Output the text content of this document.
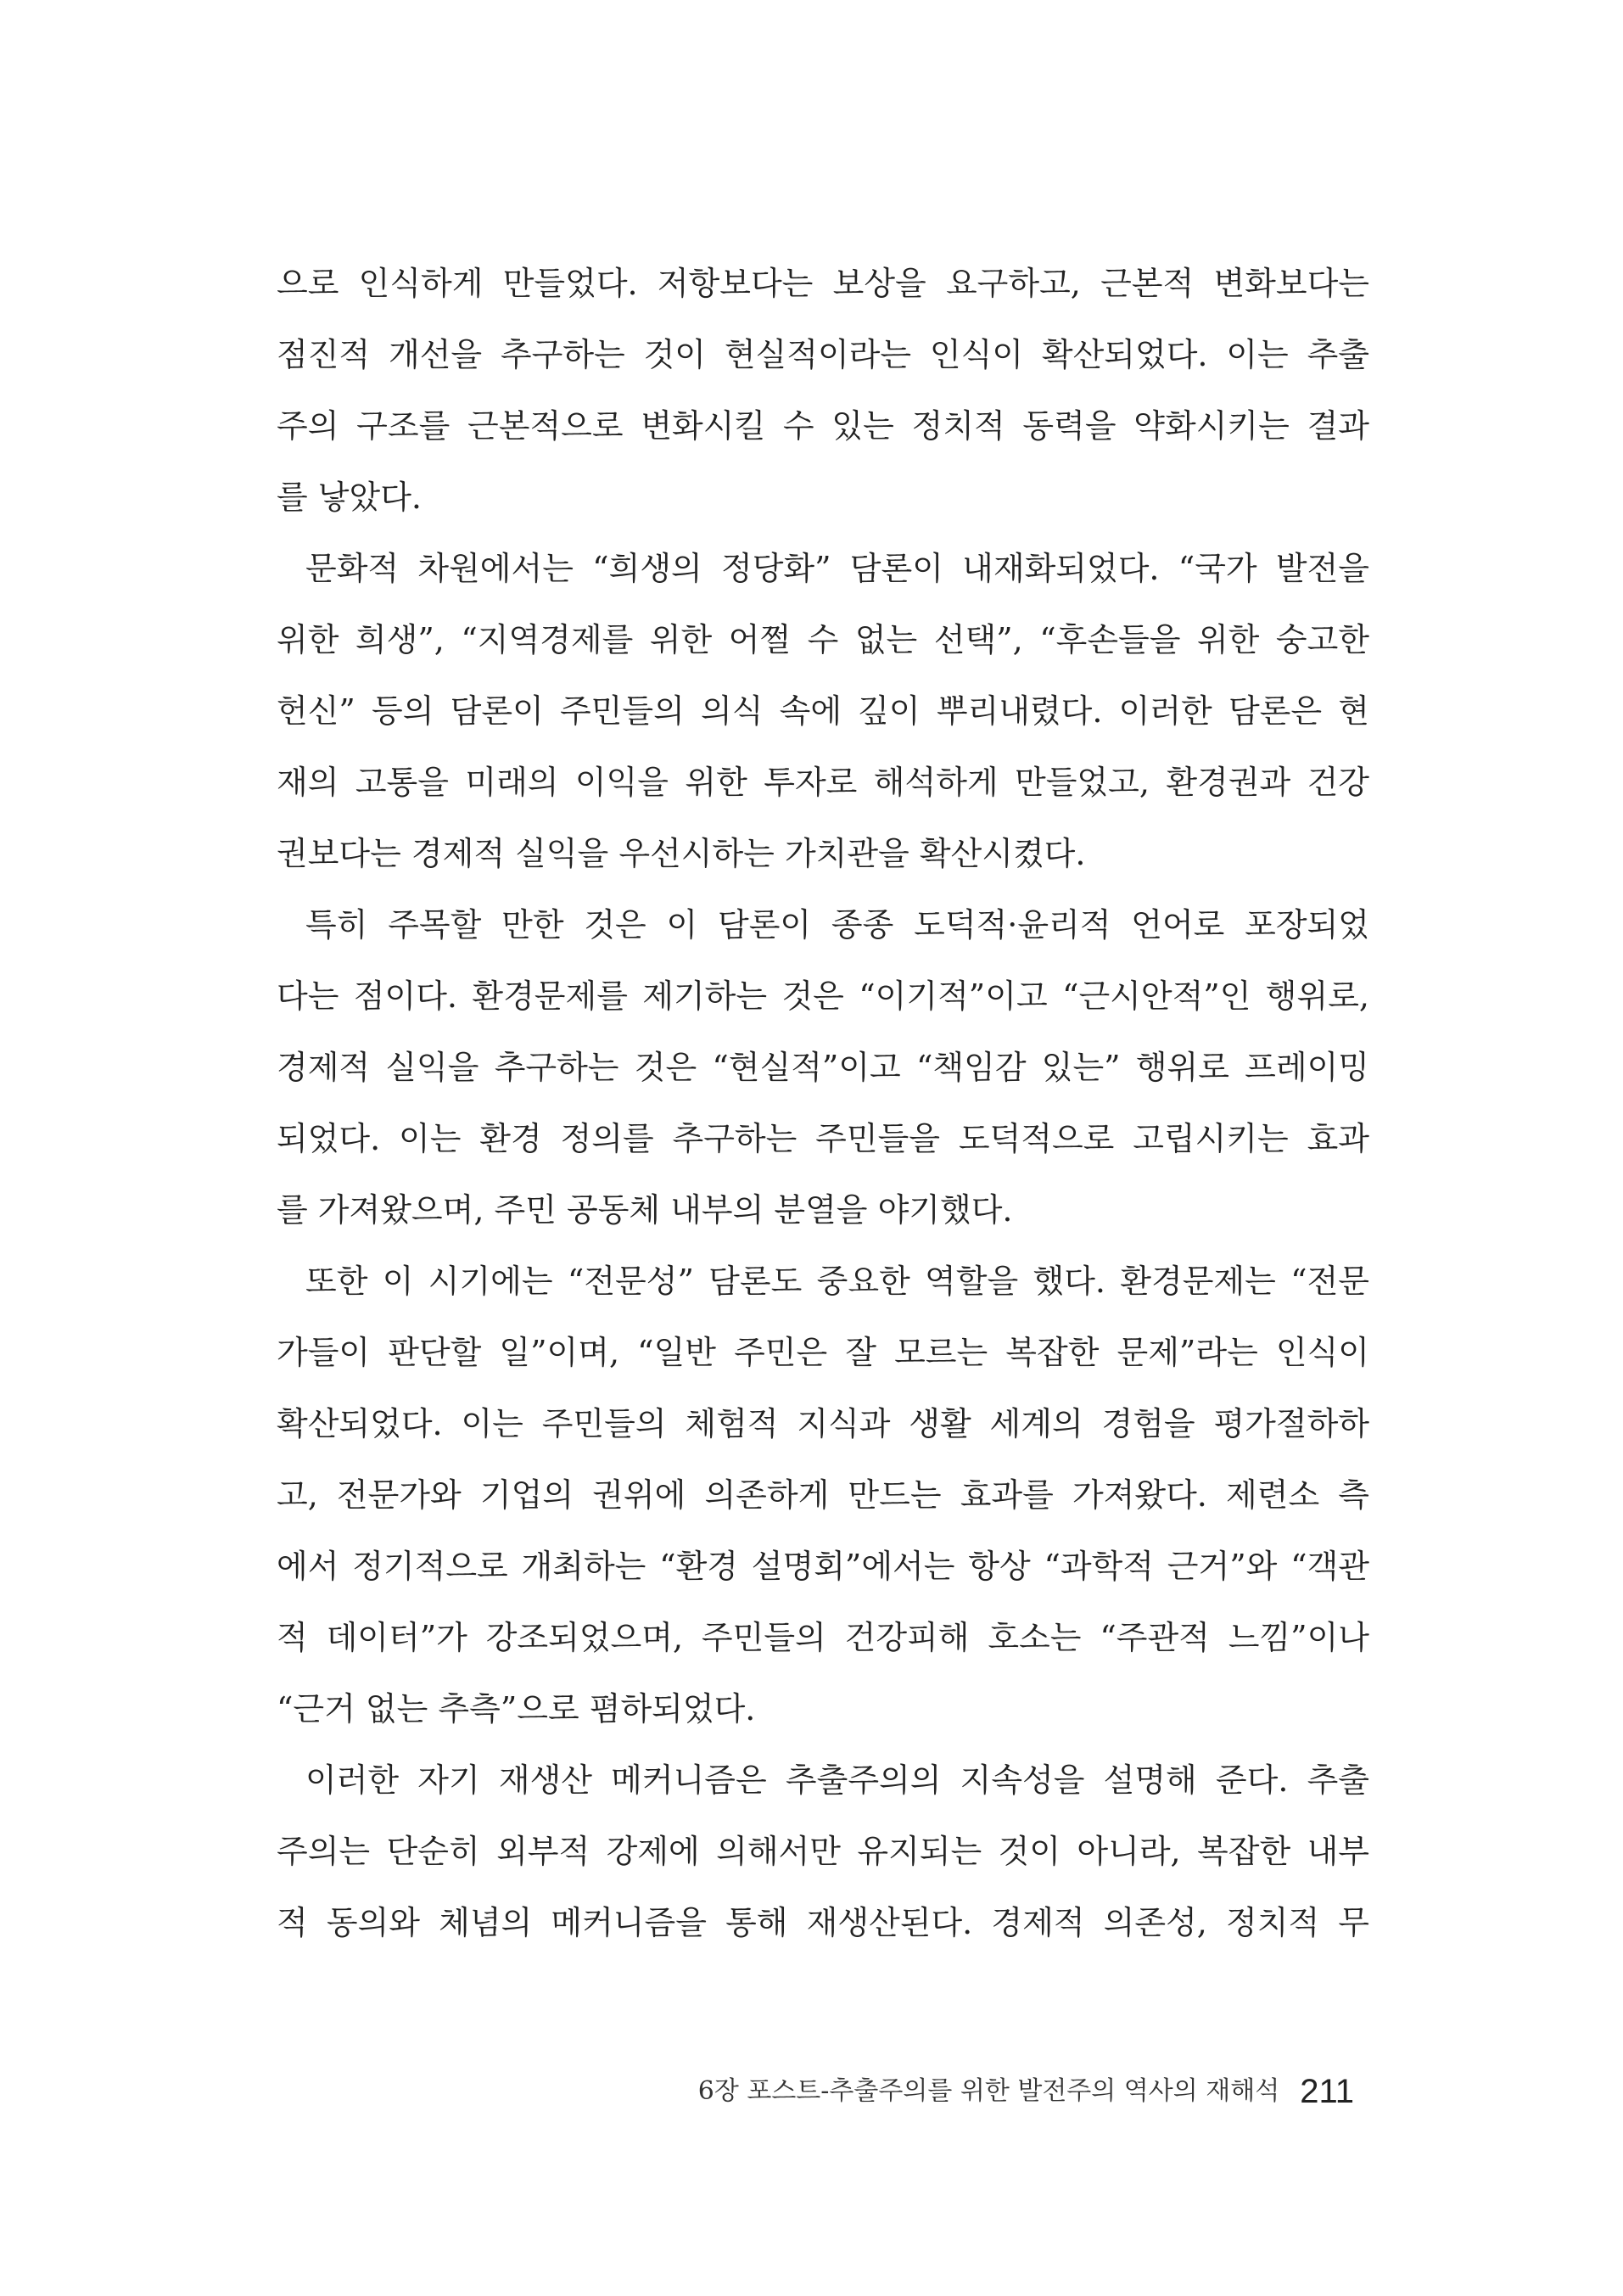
으로 인식하게 만들었다. 저항보다는 보상을 요구하고, 근본적 변화보다는
점진적 개선을 추구하는 것이 현실적이라는 인식이 확산되었다. 이는 추출
주의 구조를 근본적으로 변화시킬 수 있는 정치적 동력을 약화시키는 결과
를 낳았다.
문화적 차원에서는 “희생의 정당화” 담론이 내재화되었다. “국가 발전을
위한 희생”, “지역경제를 위한 어쩔 수 없는 선택”, “후손들을 위한 숭고한
헌신” 등의 담론이 주민들의 의식 속에 깊이 뿌리내렸다. 이러한 담론은 현
재의 고통을 미래의 이익을 위한 투자로 해석하게 만들었고, 환경권과 건강
권보다는 경제적 실익을 우선시하는 가치관을 확산시켰다.
특히 주목할 만한 것은 이 담론이 종종 도덕적·윤리적 언어로 포장되었
다는 점이다. 환경문제를 제기하는 것은 “이기적”이고 “근시안적”인 행위로,
경제적 실익을 추구하는 것은 “현실적”이고 “책임감 있는” 행위로 프레이밍
되었다. 이는 환경 정의를 추구하는 주민들을 도덕적으로 고립시키는 효과
를 가져왔으며, 주민 공동체 내부의 분열을 야기했다.
또한 이 시기에는 “전문성” 담론도 중요한 역할을 했다. 환경문제는 “전문
가들이 판단할 일”이며, “일반 주민은 잘 모르는 복잡한 문제”라는 인식이
확산되었다. 이는 주민들의 체험적 지식과 생활 세계의 경험을 평가절하하
고, 전문가와 기업의 권위에 의존하게 만드는 효과를 가져왔다. 제련소 측
에서 정기적으로 개최하는 “환경 설명회”에서는 항상 “과학적 근거”와 “객관
적 데이터”가 강조되었으며, 주민들의 건강피해 호소는 “주관적 느낌”이나
“근거 없는 추측”으로 폄하되었다.
이러한 자기 재생산 메커니즘은 추출주의의 지속성을 설명해 준다. 추출
주의는 단순히 외부적 강제에 의해서만 유지되는 것이 아니라, 복잡한 내부
적 동의와 체념의 메커니즘을 통해 재생산된다. 경제적 의존성, 정치적 무
6장 포스트-추출주의를 위한 발전주의 역사의 재해석 211
